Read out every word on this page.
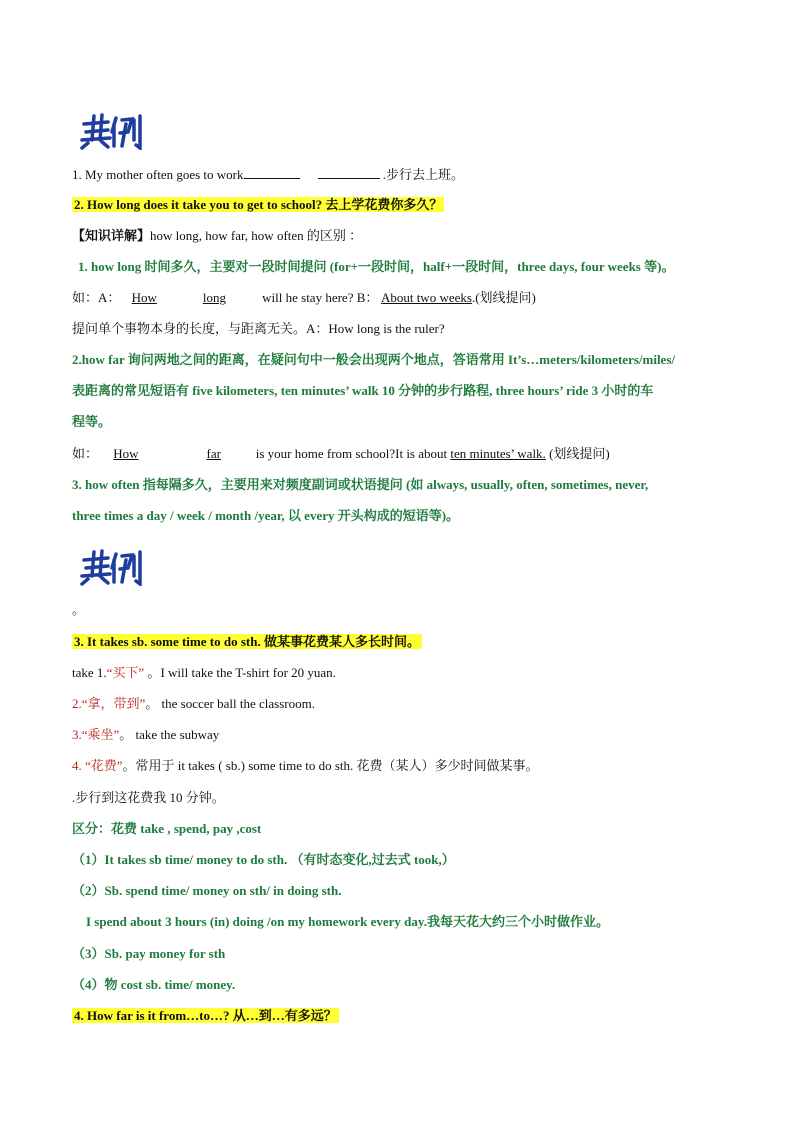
典例
1. My mother often goes to work	.步行去上班。
2. How long does it take you to get to school? 去上学花费你多久？
【知识详解】how long, how far, how often 的区别 ：
1. how long 时间多久，主要对一段时间提问 (for+一段时间，half+一段时间，three days, four weeks 等)。
如：A： How	long	will he stay here? B： About two weeks.(划线提问)
提问单个事物本身的长度，与距离无关。A：How long is the ruler?
2.how far 询问两地之间的距离，在疑问句中一般会出现两个地点，答语常用 It’s…meters/kilometers/miles/
表距离的常见短语有 five kilometers, ten minutes’ walk 10 分钟的步行路程, three hours’ ride 3 小时的车
程等。
如： How	far	is your home from school?It is about ten minutes’ walk. (划线提问)
3. how often 指每隔多久，主要用来对频度副词或状语提问 (如 always, usually, often, sometimes, never,
three times a day / week / month /year, 以 every 开头构成的短语等)。
典例
。
3. It takes sb. some time to do sth. 做某事花费某人多长时间。
take 1.“买下” 。I will take the T-shirt for 20 yuan.
2.“拿，带到”。 the soccer ball the classroom.
3.“乘坐”。 take the subway
4. “花费”。常用于 it takes ( sb.) some time to do sth. 花费（某人）多少时间做某事。
.步行到这花费我 10 分钟。
区分：花费 take , spend, pay ,cost
（1）It takes sb time/ money to do sth. （有时态变化,过去式 took,）
（2）Sb. spend time/ money on sth/ in doing sth.
I spend about 3 hours (in) doing /on my homework every day.我每天花大约三个小时做作业。
（3）Sb. pay money for sth
（4）物 cost sb. time/ money.
4. How far is it from…to…? 从…到…有多远？
